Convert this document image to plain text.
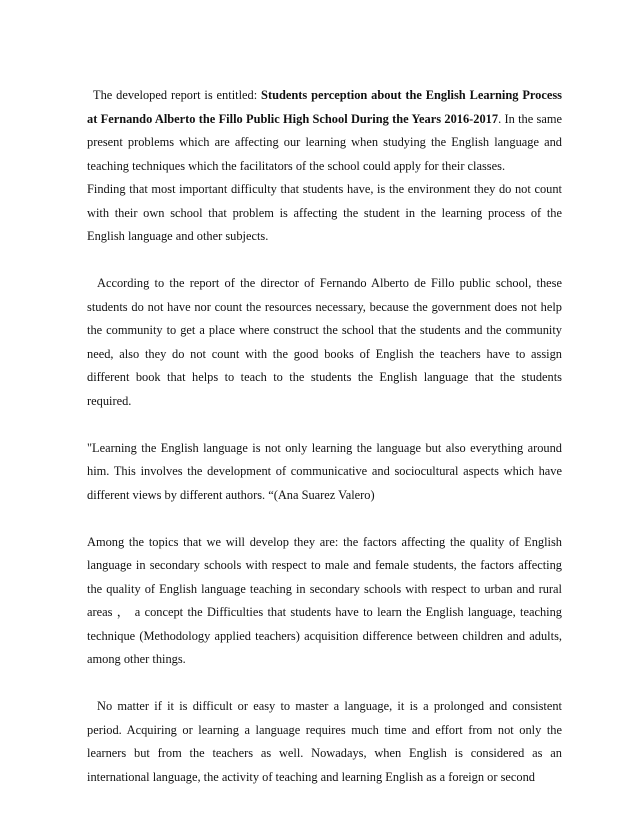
The developed report is entitled: Students perception about the English Learning Process at Fernando Alberto the Fillo Public High School During the Years 2016-2017. In the same present problems which are affecting our learning when studying the English language and teaching techniques which the facilitators of the school could apply for their classes.

Finding that most important difficulty that students have, is the environment they do not count with their own school that problem is affecting the student in the learning process of the English language and other subjects.

According to the report of the director of Fernando Alberto de Fillo public school, these students do not have nor count the resources necessary, because the government does not help the community to get a place where construct the school that the students and the community need, also they do not count with the good books of English the teachers have to assign different book that helps to teach to the students the English language that the students required.

"Learning the English language is not only learning the language but also everything around him. This involves the development of communicative and sociocultural aspects which have different views by different authors. “(Ana Suarez Valero)

Among the topics that we will develop they are: the factors affecting the quality of English language in secondary schools with respect to male and female students, the factors affecting the quality of English language teaching in secondary schools with respect to urban and rural areas ， a concept the Difficulties that students have to learn the English language, teaching technique (Methodology applied teachers) acquisition difference between children and adults, among other things.

No matter if it is difficult or easy to master a language, it is a prolonged and consistent period. Acquiring or learning a language requires much time and effort from not only the learners but from the teachers as well. Nowadays, when English is considered as an international language, the activity of teaching and learning English as a foreign or second
